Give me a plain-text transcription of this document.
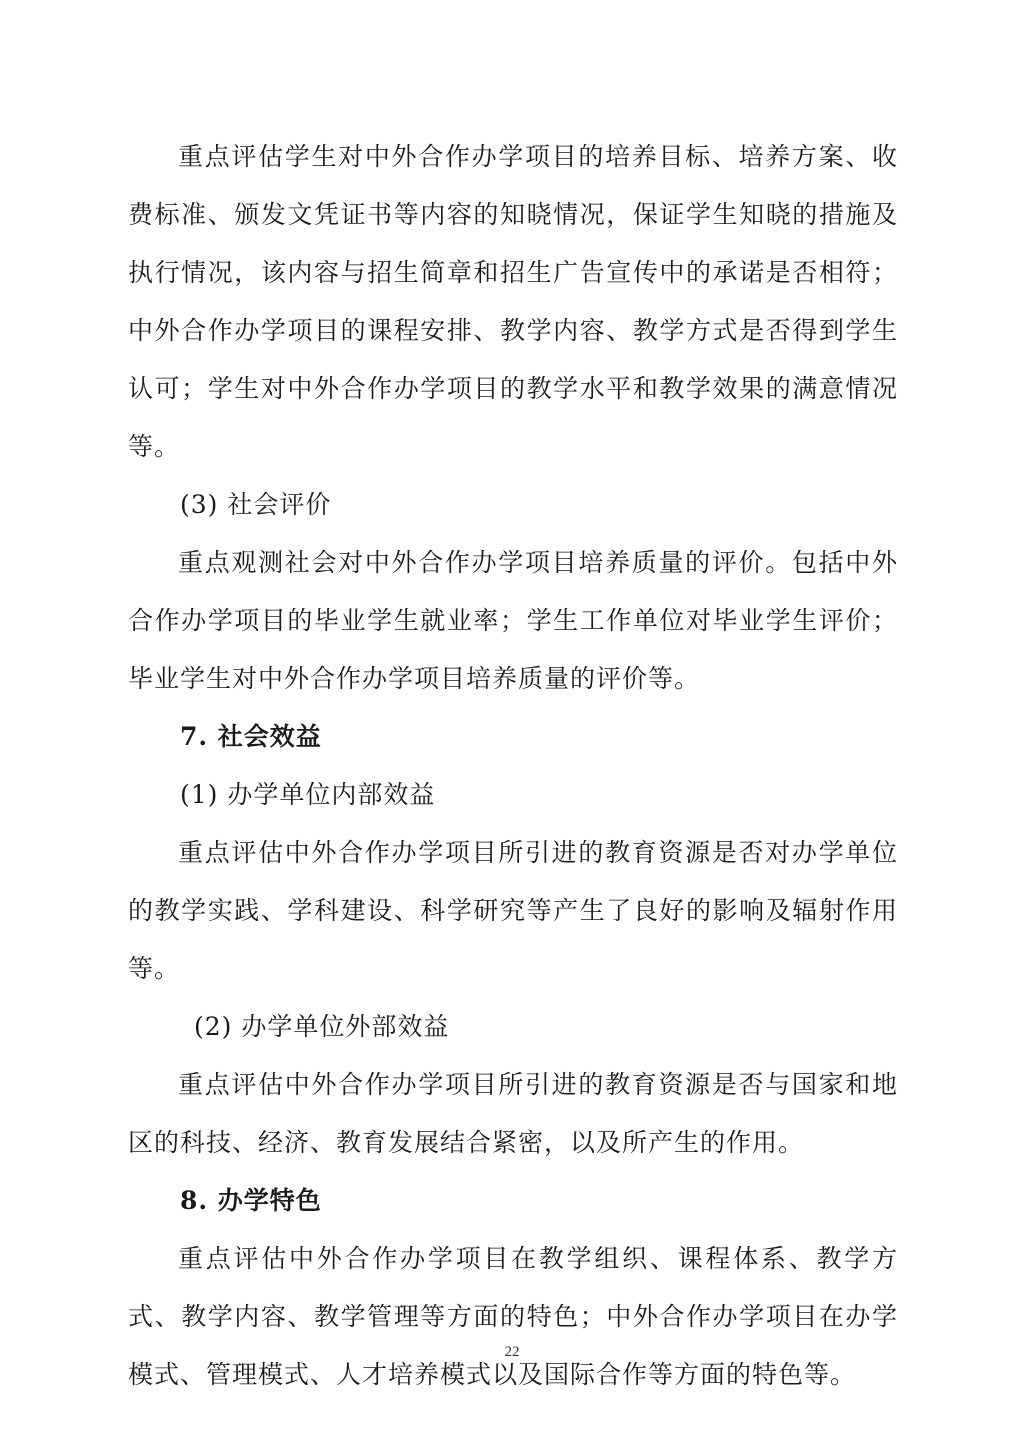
重点评估学生对中外合作办学项目的培养目标、培养方案、收费标准、颁发文凭证书等内容的知晓情况，保证学生知晓的措施及执行情况，该内容与招生简章和招生广告宣传中的承诺是否相符；中外合作办学项目的课程安排、教学内容、教学方式是否得到学生认可；学生对中外合作办学项目的教学水平和教学效果的满意情况等。

(3) 社会评价

重点观测社会对中外合作办学项目培养质量的评价。包括中外合作办学项目的毕业学生就业率；学生工作单位对毕业学生评价；毕业学生对中外合作办学项目培养质量的评价等。

7. 社会效益

(1) 办学单位内部效益

重点评估中外合作办学项目所引进的教育资源是否对办学单位的教学实践、学科建设、科学研究等产生了良好的影响及辐射作用等。

(2) 办学单位外部效益

重点评估中外合作办学项目所引进的教育资源是否与国家和地区的科技、经济、教育发展结合紧密，以及所产生的作用。

8. 办学特色

重点评估中外合作办学项目在教学组织、课程体系、教学方式、教学内容、教学管理等方面的特色；中外合作办学项目在办学模式、管理模式、人才培养模式以及国际合作等方面的特色等。

22
